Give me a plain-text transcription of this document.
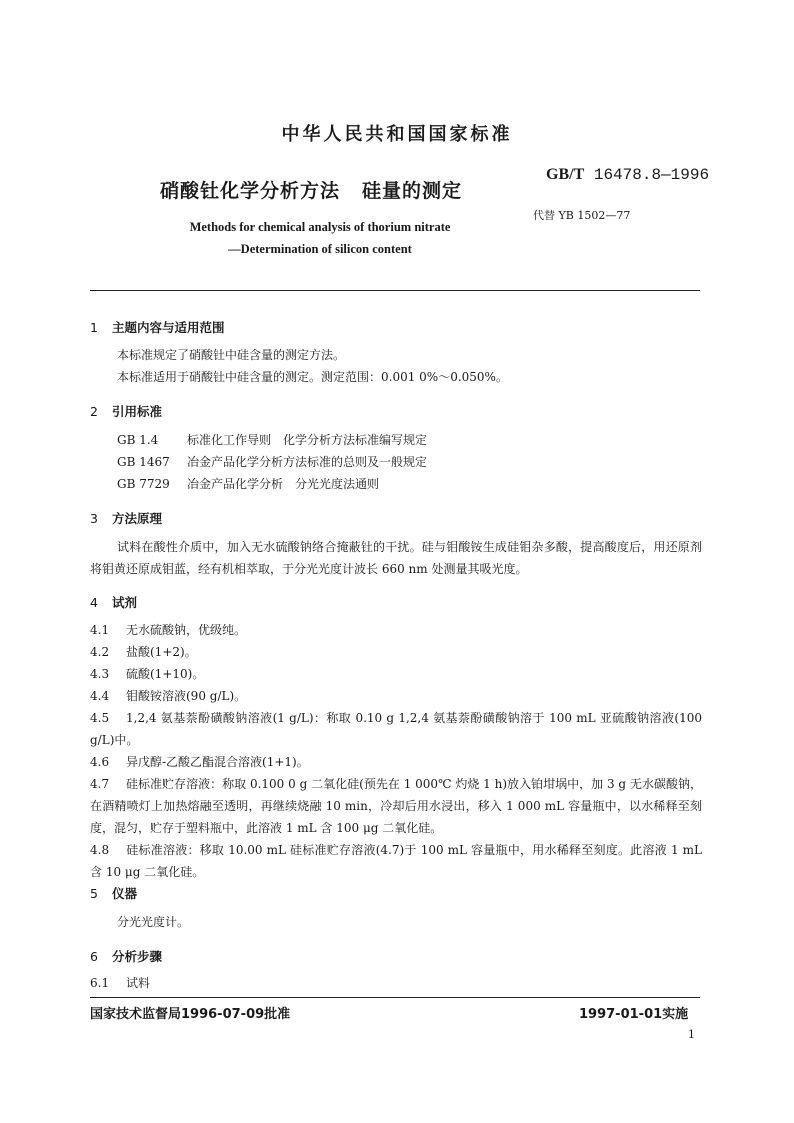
中华人民共和国国家标准
硝酸钍化学分析方法 硅量的测定
GB/T 16478.8—1996
代替 YB 1502—77
Methods for chemical analysis of thorium nitrate
—Determination of silicon content
1 主题内容与适用范围
本标准规定了硝酸钍中硅含量的测定方法。
本标准适用于硝酸钍中硅含量的测定。测定范围：0.001 0%～0.050%。
2 引用标准
GB 1.4 标准化工作导则　化学分析方法标准编写规定
GB 1467 冶金产品化学分析方法标准的总则及一般规定
GB 7729 冶金产品化学分析　分光光度法通则
3 方法原理
试料在酸性介质中，加入无水硫酸钠络合掩蔽钍的干扰。硅与钼酸铵生成硅钼杂多酸，提高酸度后，用还原剂将钼黄还原成钼蓝，经有机相萃取，于分光光度计波长 660 nm 处测量其吸光度。
4 试剂
4.1 无水硫酸钠，优级纯。
4.2 盐酸(1+2)。
4.3 硫酸(1+10)。
4.4 钼酸铵溶液(90 g/L)。
4.5 1,2,4 氨基萘酚磺酸钠溶液(1 g/L)：称取 0.10 g 1,2,4 氨基萘酚磺酸钠溶于 100 mL 亚硫酸钠溶液(100 g/L)中。
4.6 异戊醇-乙酸乙酯混合溶液(1+1)。
4.7 硅标准贮存溶液：称取 0.100 0 g 二氧化硅(预先在 1 000℃ 灼烧 1 h)放入铂坩埚中，加 3 g 无水碳酸钠，在酒精喷灯上加热熔融至透明，再继续烧融 10 min，冷却后用水浸出，移入 1 000 mL 容量瓶中，以水稀释至刻度，混匀，贮存于塑料瓶中，此溶液 1 mL 含 100 μg 二氧化硅。
4.8 硅标准溶液：移取 10.00 mL 硅标准贮存溶液(4.7)于 100 mL 容量瓶中，用水稀释至刻度。此溶液 1 mL 含 10 μg 二氧化硅。
5 仪器
分光光度计。
6 分析步骤
6.1 试料
国家技术监督局1996-07-09批准	1997-01-01实施
1
